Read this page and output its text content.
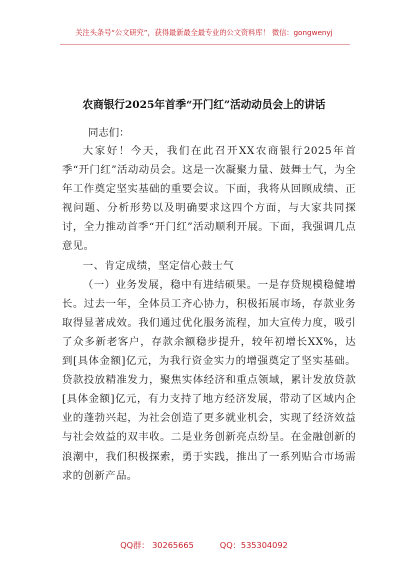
关注头条号“公文研究”，获得最新最全最专业的公文资料库！ 微信：gongwenyj
农商银行2025年首季“开门红”活动动员会上的讲话
同志们：

大家好！今天，我们在此召开XX农商银行2025年首季“开门红”活动动员会。这是一次凝聚力量、鼓舞士气，为全年工作奠定坚实基础的重要会议。下面，我将从回顾成绩、正视问题、分析形势以及明确要求这四个方面，与大家共同探讨，全力推动首季“开门红”活动顺利开展。下面，我强调几点意见。

一、肯定成绩，坚定信心鼓士气

（一）业务发展，稳中有进结硕果。一是存贷规模稳健增长。过去一年，全体员工齐心协力，积极拓展市场，存款业务取得显著成效。我们通过优化服务流程，加大宣传力度，吸引了众多新老客户，存款余额稳步提升，较年初增长XX%，达到[具体金额]亿元，为我行资金实力的增强奠定了坚实基础。贷款投放精准发力，聚焦实体经济和重点领域，累计发放贷款[具体金额]亿元，有力支持了地方经济发展，带动了区域内企业的蓬勃兴起，为社会创造了更多就业机会，实现了经济效益与社会效益的双丰收。二是业务创新亮点纷呈。在金融创新的浪潮中，我们积极探索，勇于实践，推出了一系列贴合市场需求的创新产品。

QQ群： 30265665	QQ：535304092
